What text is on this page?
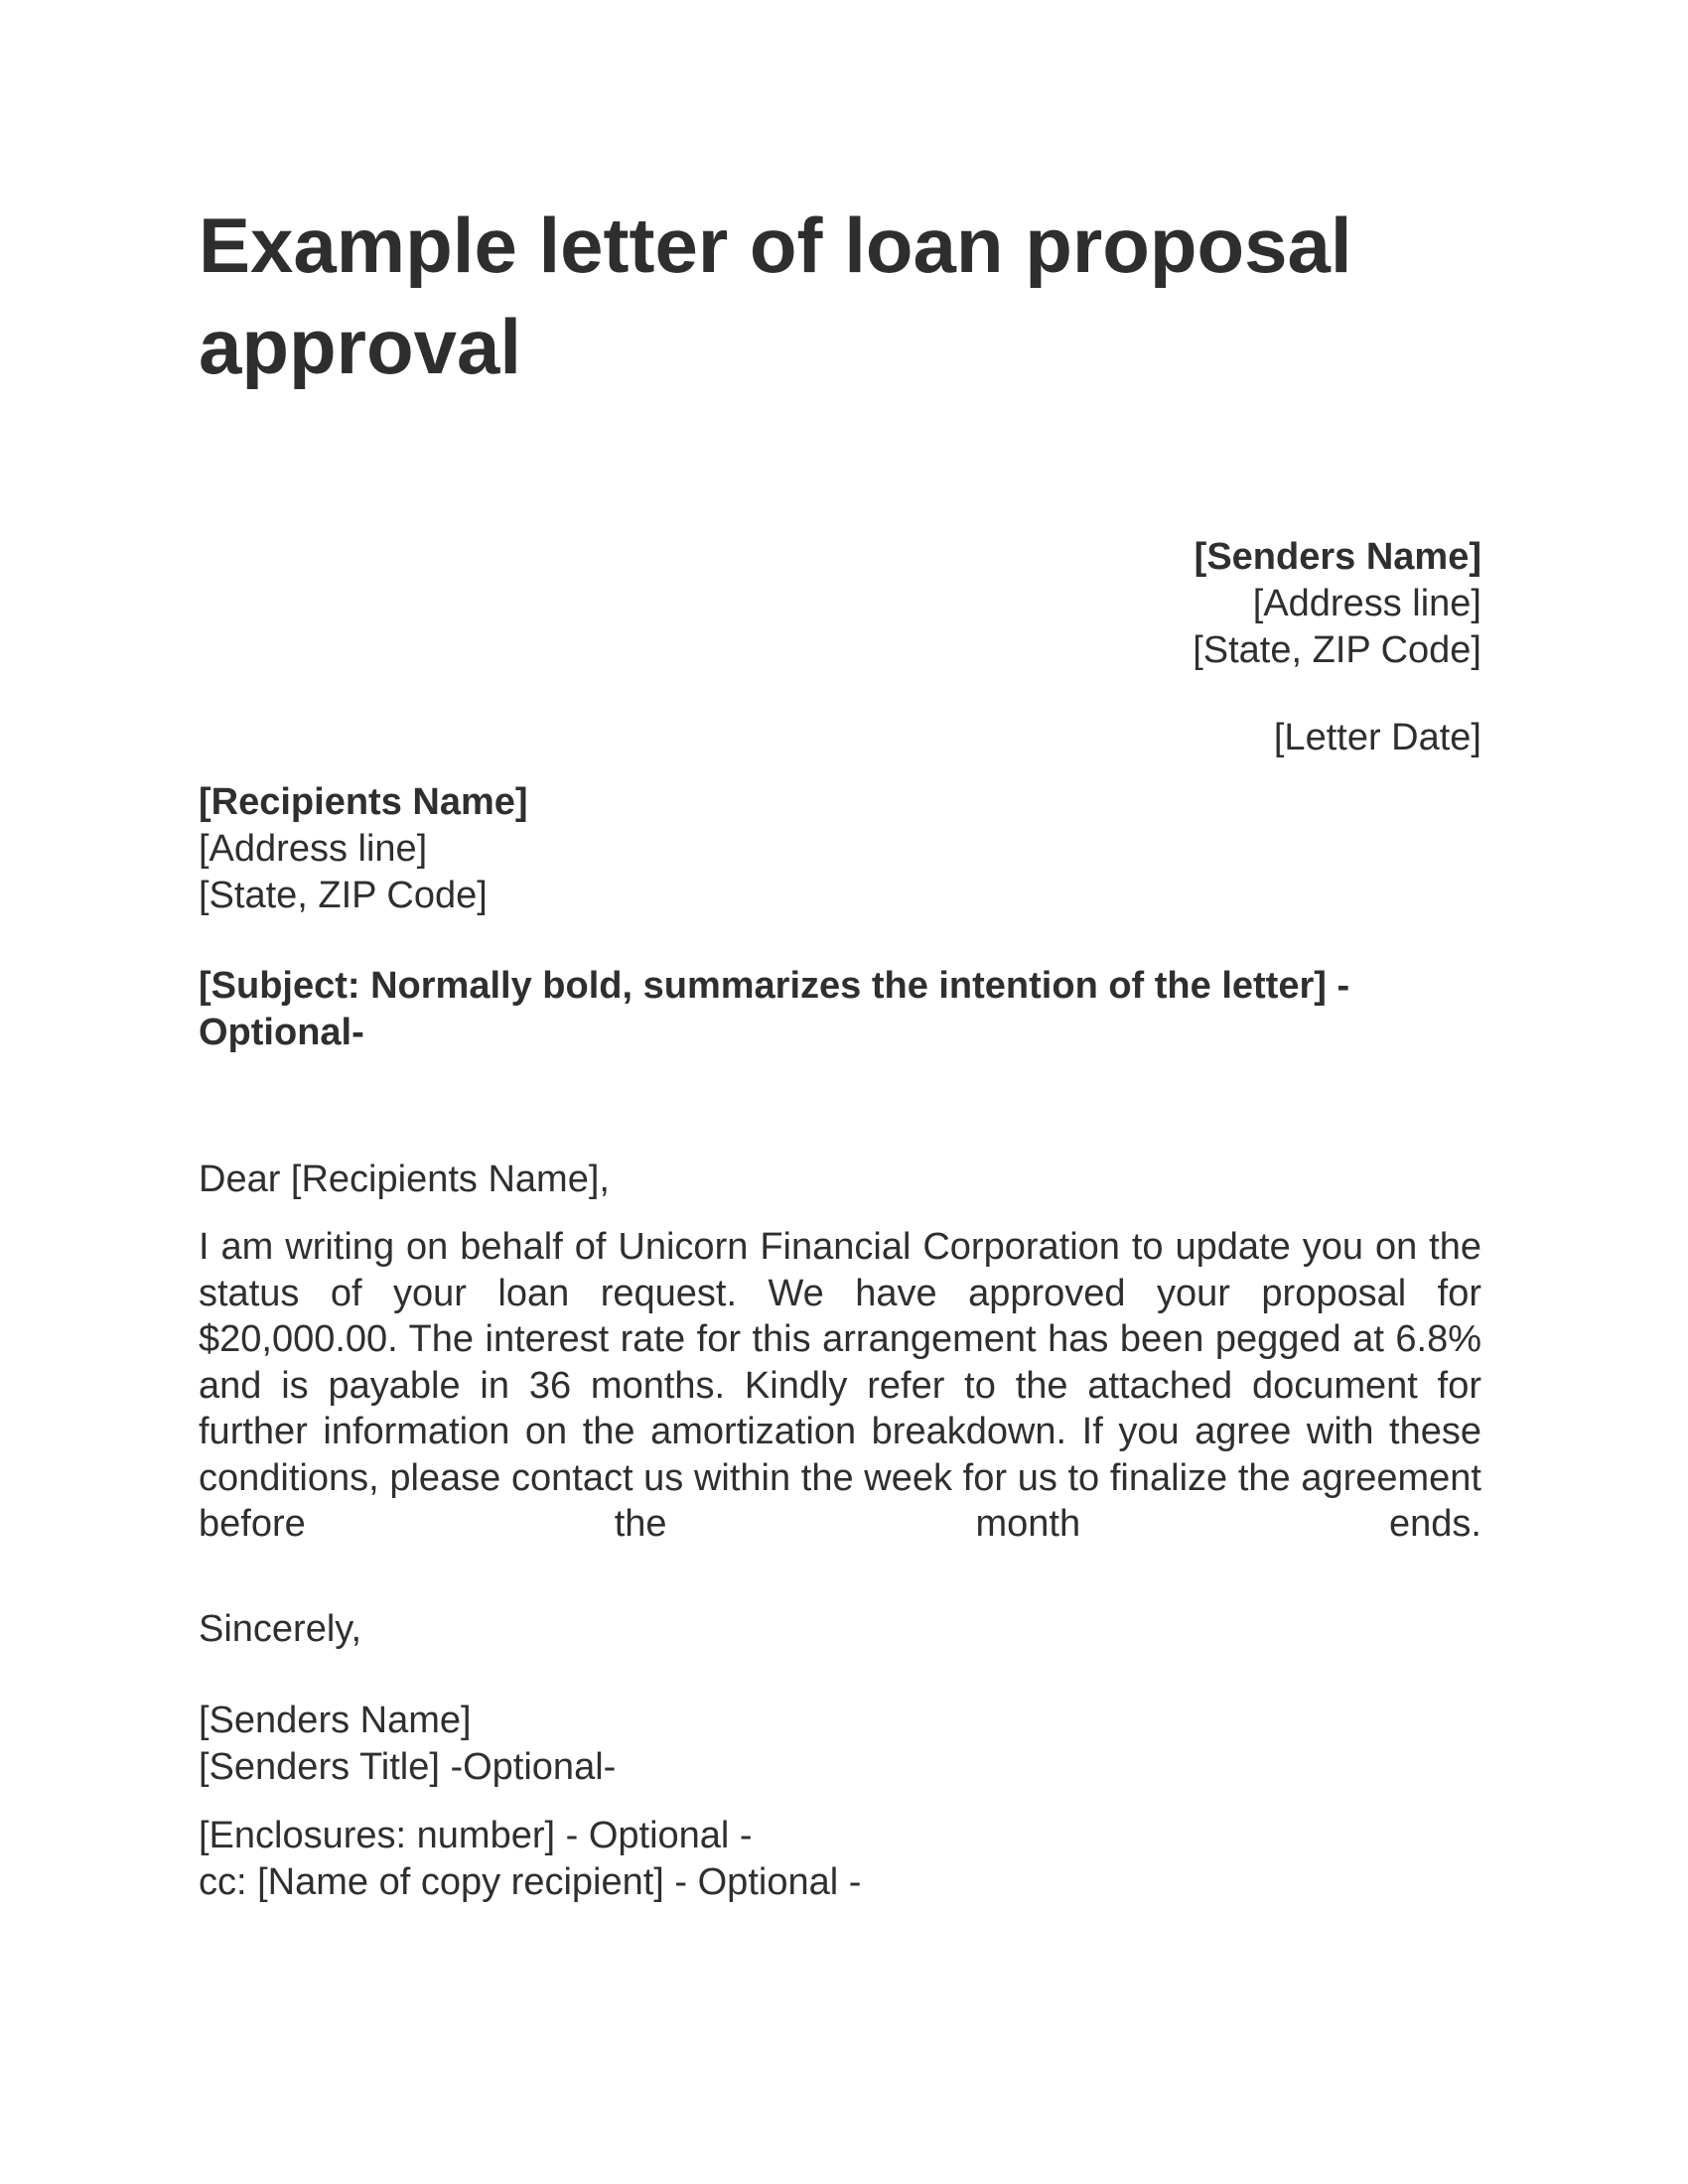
Example letter of loan proposal approval
[Senders Name]
[Address line]
[State, ZIP Code]
[Letter Date]
[Recipients Name]
[Address line]
[State, ZIP Code]
[Subject: Normally bold, summarizes the intention of the letter] - Optional-
Dear [Recipients Name],

I am writing on behalf of Unicorn Financial Corporation to update you on the status of your loan request. We have approved your proposal for $20,000.00. The interest rate for this arrangement has been pegged at 6.8% and is payable in 36 months. Kindly refer to the attached document for further information on the amortization breakdown. If you agree with these conditions, please contact us within the week for us to finalize the agreement before the month ends.

Sincerely,
[Senders Name]
[Senders Title] -Optional-
[Enclosures: number] - Optional -
cc: [Name of copy recipient] - Optional -
